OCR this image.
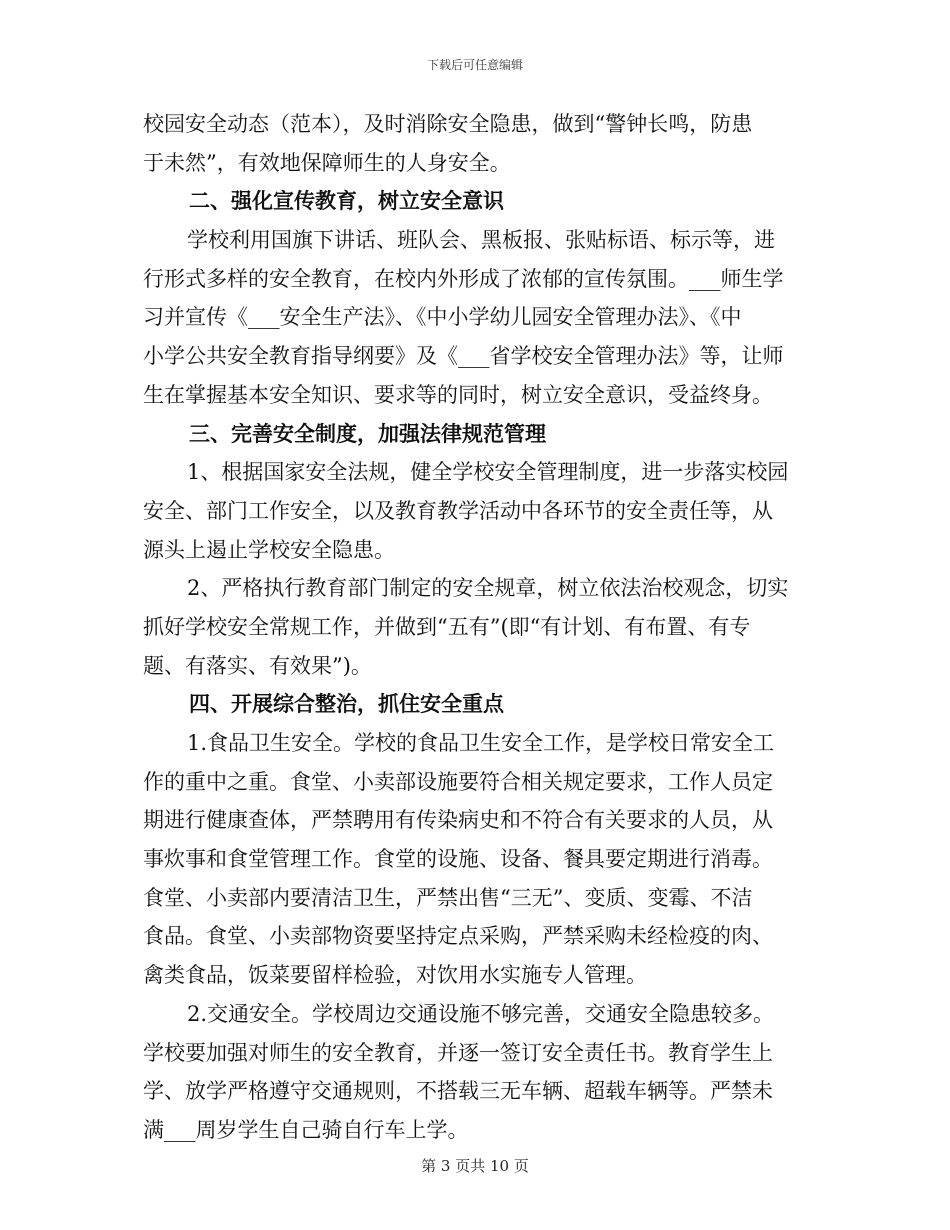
下载后可任意编辑
校园安全动态（范本），及时消除安全隐患，做到“警钟长鸣，防患
于未然”，有效地保障师生的人身安全。
二、强化宣传教育，树立安全意识
学校利用国旗下讲话、班队会、黑板报、张贴标语、标示等，进
行形式多样的安全教育，在校内外形成了浓郁的宣传氛围。___师生学
习并宣传《___安全生产法》、《中小学幼儿园安全管理办法》、《中
小学公共安全教育指导纲要》及《___省学校安全管理办法》等，让师
生在掌握基本安全知识、要求等的同时，树立安全意识，受益终身。
三、完善安全制度，加强法律规范管理
1、根据国家安全法规，健全学校安全管理制度，进一步落实校园
安全、部门工作安全，以及教育教学活动中各环节的安全责任等，从
源头上遏止学校安全隐患。
2、严格执行教育部门制定的安全规章，树立依法治校观念，切实
抓好学校安全常规工作，并做到“五有”(即“有计划、有布置、有专
题、有落实、有效果”)。
四、开展综合整治，抓住安全重点
1.食品卫生安全。学校的食品卫生安全工作，是学校日常安全工
作的重中之重。食堂、小卖部设施要符合相关规定要求，工作人员定
期进行健康查体，严禁聘用有传染病史和不符合有关要求的人员，从
事炊事和食堂管理工作。食堂的设施、设备、餐具要定期进行消毒。
食堂、小卖部内要清洁卫生，严禁出售“三无”、变质、变霉、不洁
食品。食堂、小卖部物资要坚持定点采购，严禁采购未经检疫的肉、
禽类食品，饭菜要留样检验，对饮用水实施专人管理。
2.交通安全。学校周边交通设施不够完善，交通安全隐患较多。
学校要加强对师生的安全教育，并逐一签订安全责任书。教育学生上
学、放学严格遵守交通规则，不搭载三无车辆、超载车辆等。严禁未
满___周岁学生自己骑自行车上学。
第 3 页共 10 页
